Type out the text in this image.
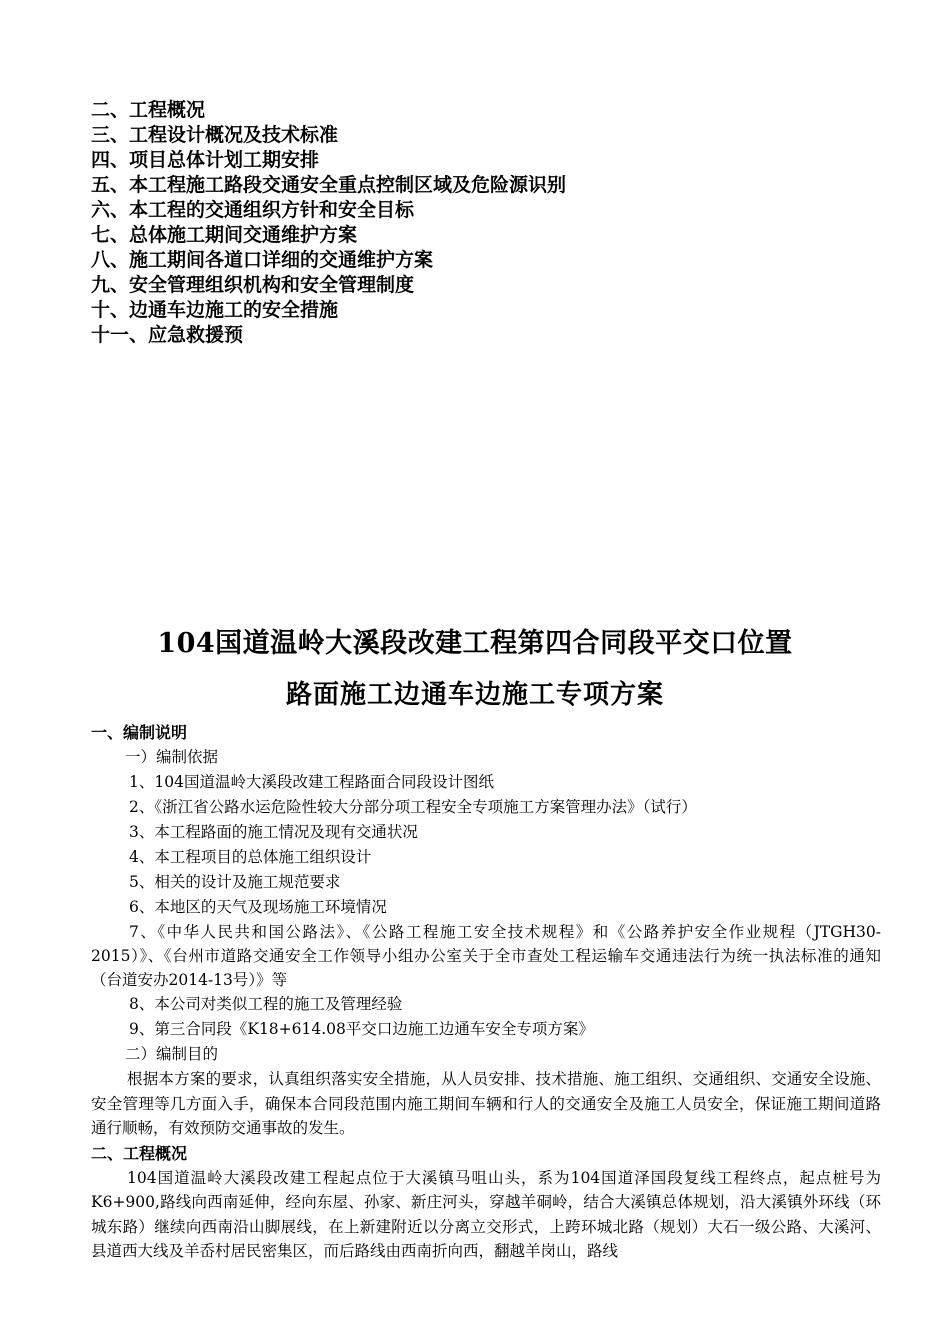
二、工程概况
三、工程设计概况及技术标准
四、项目总体计划工期安排
五、本工程施工路段交通安全重点控制区域及危险源识别
六、本工程的交通组织方针和安全目标
七、总体施工期间交通维护方案
八、施工期间各道口详细的交通维护方案
九、安全管理组织机构和安全管理制度
十、边通车边施工的安全措施
十一、应急救援预
104国道温岭大溪段改建工程第四合同段平交口位置
路面施工边通车边施工专项方案
一、编制说明
一）编制依据
1、104国道温岭大溪段改建工程路面合同段设计图纸
2、《浙江省公路水运危险性较大分部分项工程安全专项施工方案管理办法》（试行）
3、本工程路面的施工情况及现有交通状况
4、本工程项目的总体施工组织设计
5、相关的设计及施工规范要求
6、本地区的天气及现场施工环境情况
7、《中华人民共和国公路法》、《公路工程施工安全技术规程》和《公路养护安全作业规程（JTGH30-2015）》、《台州市道路交通安全工作领导小组办公室关于全市查处工程运输车交通违法行为统一执法标准的通知（台道安办2014-13号）》等
8、本公司对类似工程的施工及管理经验
9、第三合同段《K18+614.08平交口边施工边通车安全专项方案》
二）编制目的
根据本方案的要求，认真组织落实安全措施，从人员安排、技术措施、施工组织、交通组织、交通安全设施、安全管理等几方面入手，确保本合同段范围内施工期间车辆和行人的交通安全及施工人员安全，保证施工期间道路通行顺畅，有效预防交通事故的发生。
二、工程概况
104国道温岭大溪段改建工程起点位于大溪镇马咀山头，系为104国道泽国段复线工程终点，起点桩号为K6+900,路线向西南延伸，经向东屋、孙家、新庄河头，穿越羊硐岭，结合大溪镇总体规划，沿大溪镇外环线（环城东路）继续向西南沿山脚展线，在上新建附近以分离立交形式，上跨环城北路（规划）大石一级公路、大溪河、县道西大线及羊岙村居民密集区，而后路线由西南折向西，翻越羊岗山，路线
